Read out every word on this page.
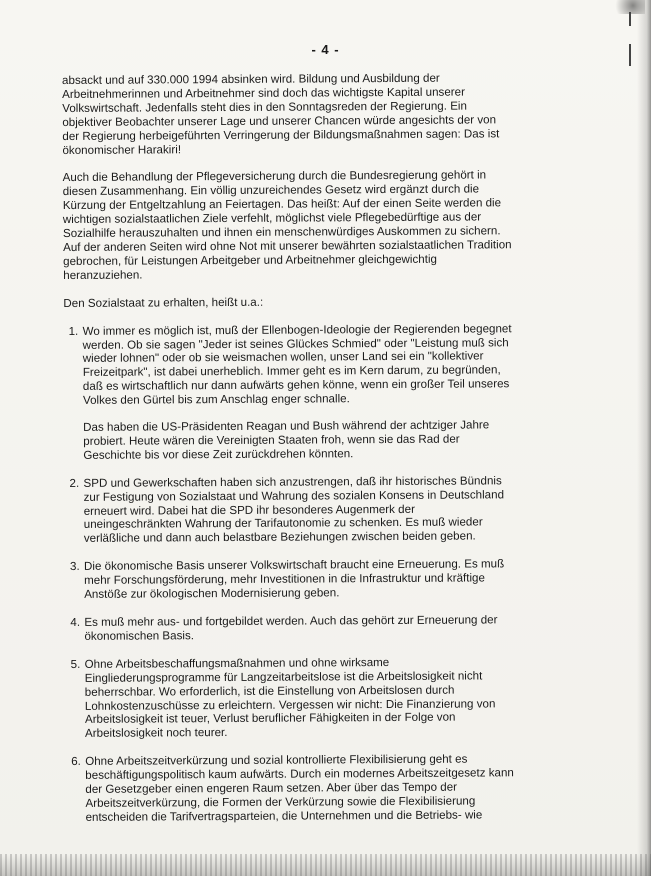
- 4 -

absackt und auf 330.000 1994 absinken wird. Bildung und Ausbildung der Arbeitnehmerinnen und Arbeitnehmer sind doch das wichtigste Kapital unserer Volkswirtschaft. Jedenfalls steht dies in den Sonntagsreden der Regierung. Ein objektiver Beobachter unserer Lage und unserer Chancen würde angesichts der von der Regierung herbeigeführten Verringerung der Bildungsmaßnahmen sagen: Das ist ökonomischer Harakiri!

Auch die Behandlung der Pflegeversicherung durch die Bundesregierung gehört in diesen Zusammenhang. Ein völlig unzureichendes Gesetz wird ergänzt durch die Kürzung der Entgeltzahlung an Feiertagen. Das heißt: Auf der einen Seite werden die wichtigen sozialstaatlichen Ziele verfehlt, möglichst viele Pflegebedürftige aus der Sozialhilfe herauszuhalten und ihnen ein menschenwürdiges Auskommen zu sichern. Auf der anderen Seiten wird ohne Not mit unserer bewährten sozialstaatlichen Tradition gebrochen, für Leistungen Arbeitgeber und Arbeitnehmer gleichgewichtig heranzuziehen.

Den Sozialstaat zu erhalten, heißt u.a.:

1. Wo immer es möglich ist, muß der Ellenbogen-Ideologie der Regierenden begegnet werden. Ob sie sagen "Jeder ist seines Glückes Schmied" oder "Leistung muß sich wieder lohnen" oder ob sie weismachen wollen, unser Land sei ein "kollektiver Freizeitpark", ist dabei unerheblich. Immer geht es im Kern darum, zu begründen, daß es wirtschaftlich nur dann aufwärts gehen könne, wenn ein großer Teil unseres Volkes den Gürtel bis zum Anschlag enger schnalle.
Das haben die US-Präsidenten Reagan und Bush während der achtziger Jahre probiert. Heute wären die Vereinigten Staaten froh, wenn sie das Rad der Geschichte bis vor diese Zeit zurückdrehen könnten.
2. SPD und Gewerkschaften haben sich anzustrengen, daß ihr historisches Bündnis zur Festigung von Sozialstaat und Wahrung des sozialen Konsens in Deutschland erneuert wird. Dabei hat die SPD ihr besonderes Augenmerk der uneingeschränkten Wahrung der Tarifautonomie zu schenken. Es muß wieder verläßliche und dann auch belastbare Beziehungen zwischen beiden geben.
3. Die ökonomische Basis unserer Volkswirtschaft braucht eine Erneuerung. Es muß mehr Forschungsförderung, mehr Investitionen in die Infrastruktur und kräftige Anstöße zur ökologischen Modernisierung geben.
4. Es muß mehr aus- und fortgebildet werden. Auch das gehört zur Erneuerung der ökonomischen Basis.
5. Ohne Arbeitsbeschaffungsmaßnahmen und ohne wirksame Eingliederungsprogramme für Langzeitarbeitslose ist die Arbeitslosigkeit nicht beherrschbar. Wo erforderlich, ist die Einstellung von Arbeitslosen durch Lohnkostenzuschüsse zu erleichtern. Vergessen wir nicht: Die Finanzierung von Arbeitslosigkeit ist teuer, Verlust beruflicher Fähigkeiten in der Folge von Arbeitslosigkeit noch teurer.
6. Ohne Arbeitszeitverkürzung und sozial kontrollierte Flexibilisierung geht es beschäftigungspolitisch kaum aufwärts. Durch ein modernes Arbeitszeitgesetz kann der Gesetzgeber einen engeren Raum setzen. Aber über das Tempo der Arbeitszeitverkürzung, die Formen der Verkürzung sowie die Flexibilisierung entscheiden die Tarifvertragsparteien, die Unternehmen und die Betriebs- wie
